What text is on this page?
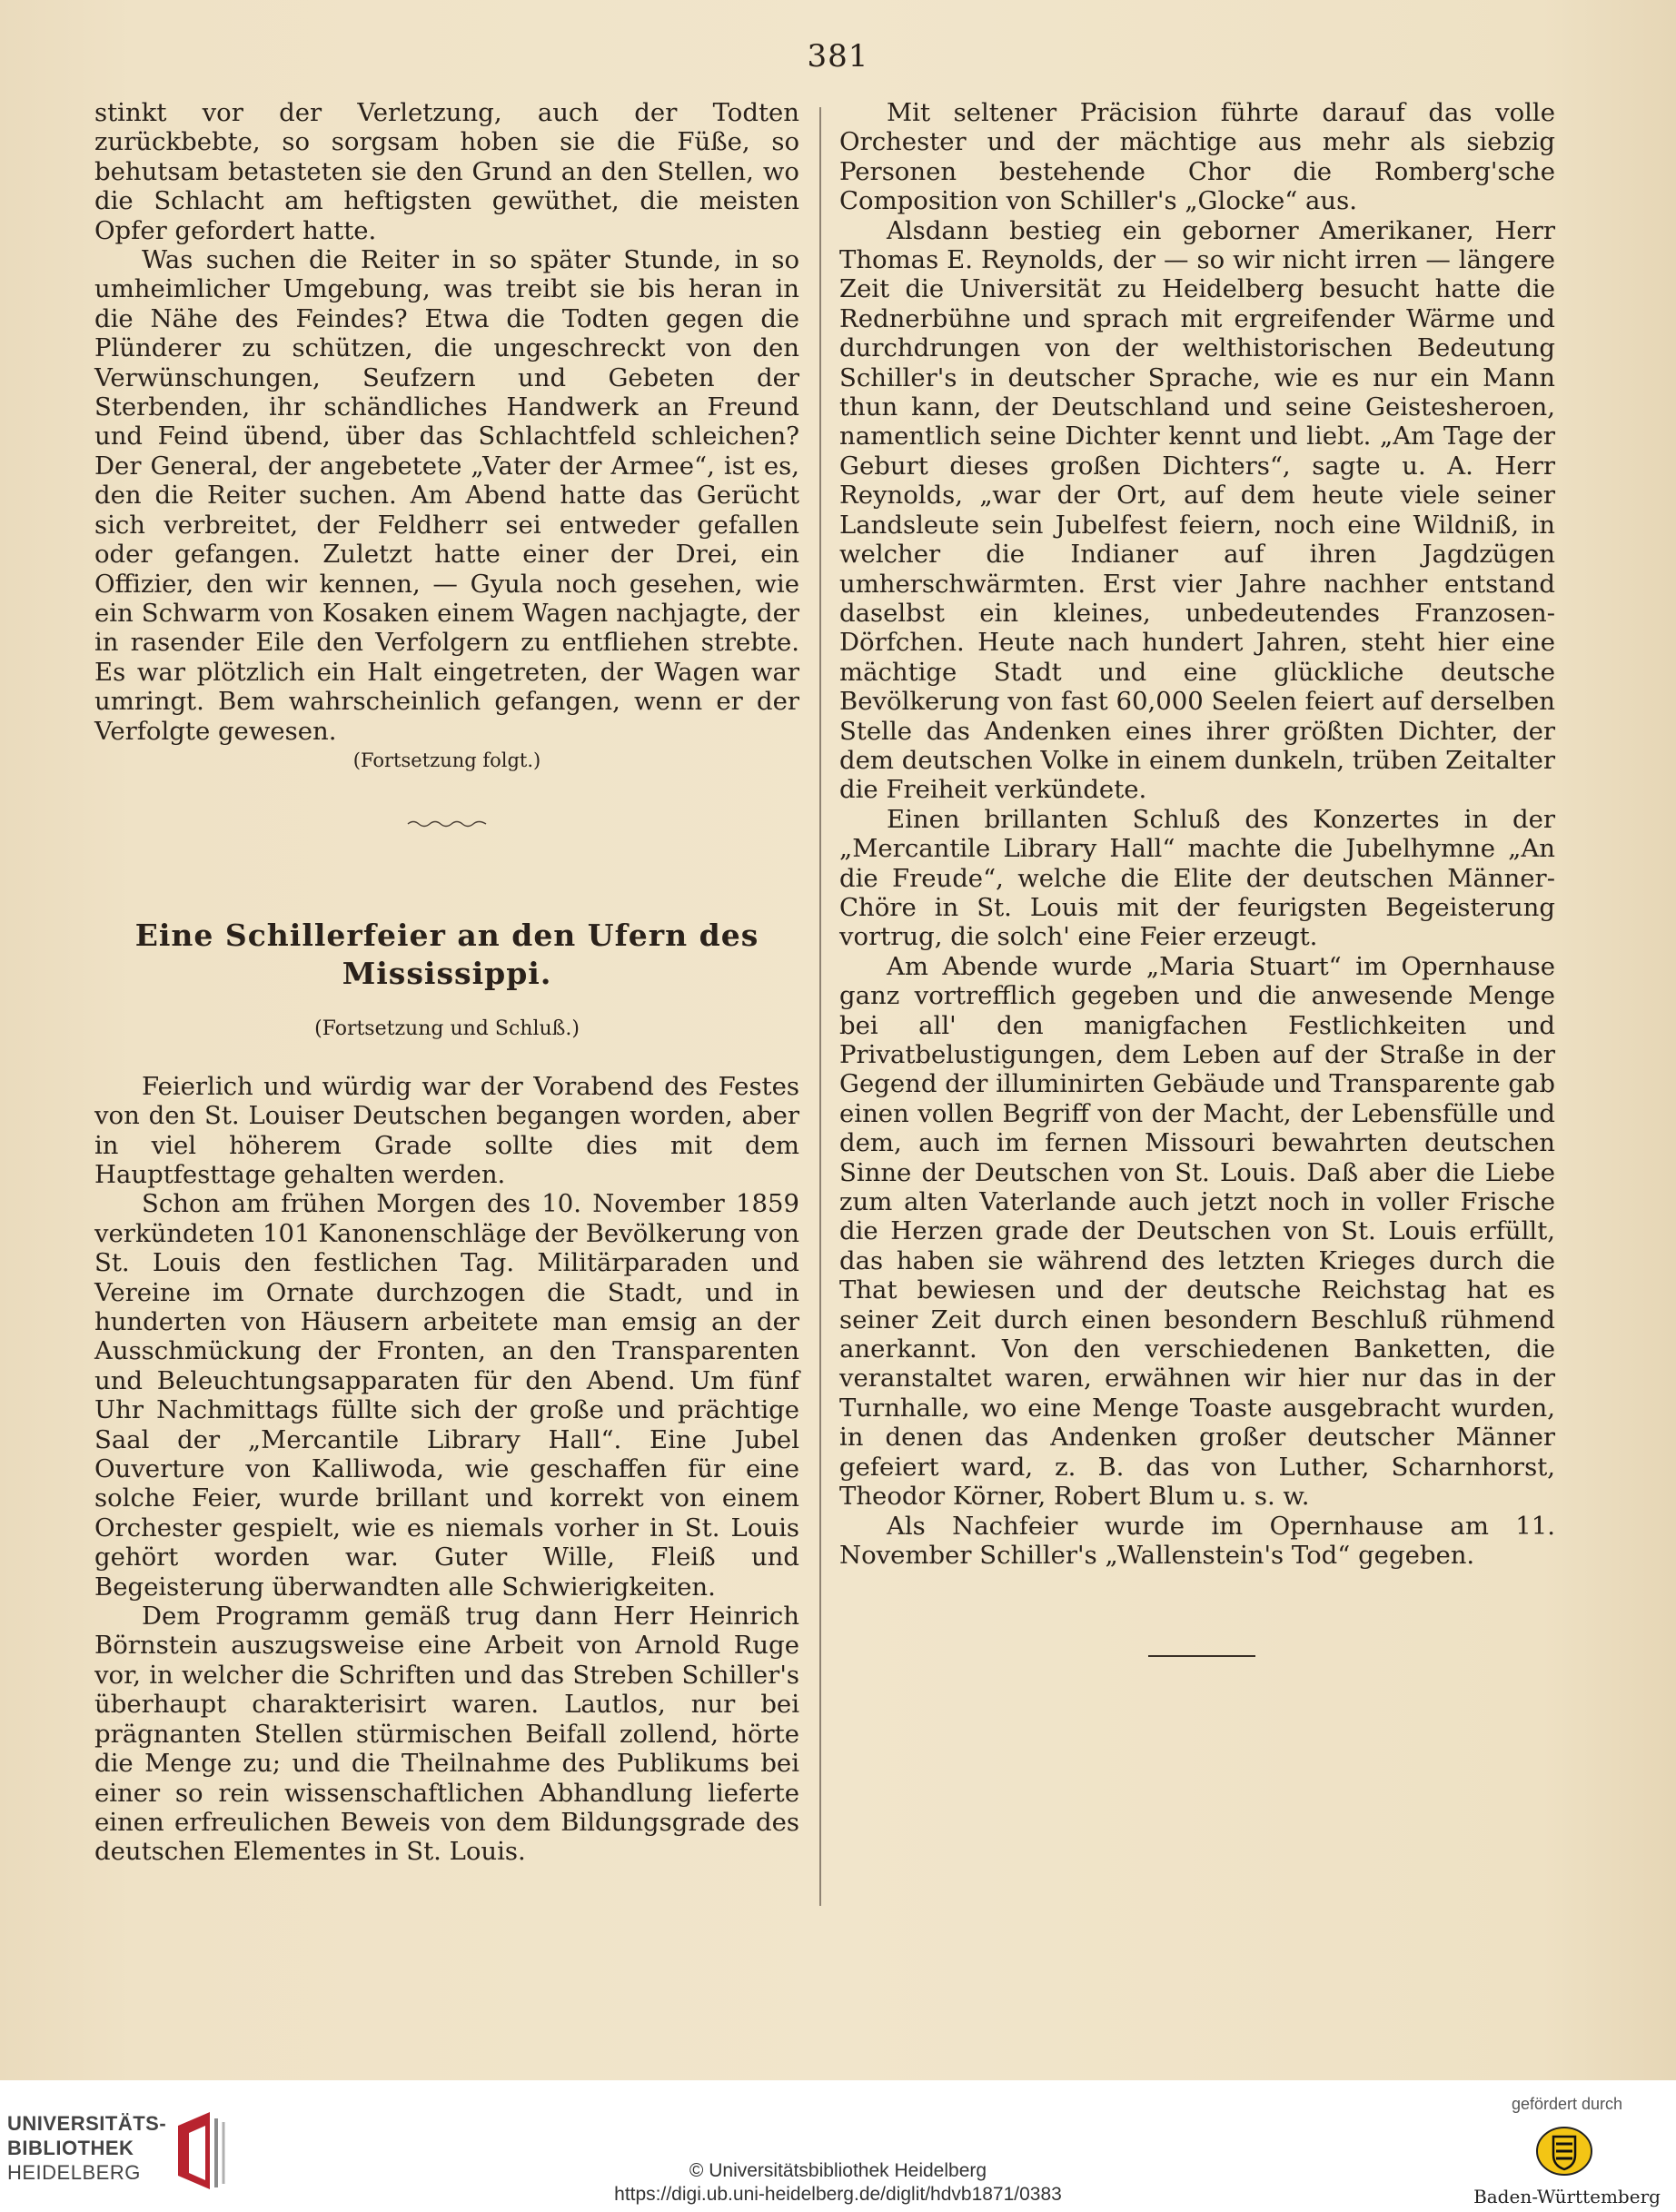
381

stinkt vor der Verletzung, auch der Todten zurückbebte, so sorgsam hoben sie die Füße, so behutsam betasteten sie den Grund an den Stellen, wo die Schlacht am heftigsten gewüthet, die meisten Opfer gefordert hatte.

Was suchen die Reiter in so später Stunde, in so umheimlicher Umgebung, was treibt sie bis heran in die Nähe des Feindes? Etwa die Todten gegen die Plünderer zu schützen, die ungeschreckt von den Verwünschungen, Seufzern und Gebeten der Sterbenden, ihr schändliches Handwerk an Freund und Feind übend, über das Schlachtfeld schleichen? Der General, der angebetete „Vater der Armee“, ist es, den die Reiter suchen. Am Abend hatte das Gerücht sich verbreitet, der Feldherr sei entweder gefallen oder gefangen. Zuletzt hatte einer der Drei, ein Offizier, den wir kennen, — Gyula noch gesehen, wie ein Schwarm von Kosaken einem Wagen nachjagte, der in rasender Eile den Verfolgern zu entfliehen strebte. Es war plötzlich ein Halt eingetreten, der Wagen war umringt. Bem wahrscheinlich gefangen, wenn er der Verfolgte gewesen.

(Fortsetzung folgt.)

Eine Schillerfeier an den Ufern des Mississippi.
(Fortsetzung und Schluß.)

Feierlich und würdig war der Vorabend des Festes von den St. Louiser Deutschen begangen worden, aber in viel höherem Grade sollte dies mit dem Hauptfesttage gehalten werden.

Schon am frühen Morgen des 10. November 1859 verkündeten 101 Kanonenschläge der Bevölkerung von St. Louis den festlichen Tag. Militärparaden und Vereine im Ornate durchzogen die Stadt, und in hunderten von Häusern arbeitete man emsig an der Ausschmückung der Fronten, an den Transparenten und Beleuchtungsapparaten für den Abend. Um fünf Uhr Nachmittags füllte sich der große und prächtige Saal der „Mercantile Library Hall“. Eine Jubel Ouverture von Kalliwoda, wie geschaffen für eine solche Feier, wurde brillant und korrekt von einem Orchester gespielt, wie es niemals vorher in St. Louis gehört worden war. Guter Wille, Fleiß und Begeisterung überwandten alle Schwierigkeiten.

Dem Programm gemäß trug dann Herr Heinrich Börnstein auszugsweise eine Arbeit von Arnold Ruge vor, in welcher die Schriften und das Streben Schiller's überhaupt charakterisirt waren. Lautlos, nur bei prägnanten Stellen stürmischen Beifall zollend, hörte die Menge zu; und die Theilnahme des Publikums bei einer so rein wissenschaftlichen Abhandlung lieferte einen erfreulichen Beweis von dem Bildungsgrade des deutschen Elementes in St. Louis.

Mit seltener Präcision führte darauf das volle Orchester und der mächtige aus mehr als siebzig Personen bestehende Chor die Romberg'sche Composition von Schiller's „Glocke“ aus.

Alsdann bestieg ein geborner Amerikaner, Herr Thomas E. Reynolds, der — so wir nicht irren — längere Zeit die Universität zu Heidelberg besucht hatte die Rednerbühne und sprach mit ergreifender Wärme und durchdrungen von der welthistorischen Bedeutung Schiller's in deutscher Sprache, wie es nur ein Mann thun kann, der Deutschland und seine Geistesheroen, namentlich seine Dichter kennt und liebt. „Am Tage der Geburt dieses großen Dichters“, sagte u. A. Herr Reynolds, „war der Ort, auf dem heute viele seiner Landsleute sein Jubelfest feiern, noch eine Wildniß, in welcher die Indianer auf ihren Jagdzügen umherschwärmten. Erst vier Jahre nachher entstand daselbst ein kleines, unbedeutendes Franzosen-Dörfchen. Heute nach hundert Jahren, steht hier eine mächtige Stadt und eine glückliche deutsche Bevölkerung von fast 60,000 Seelen feiert auf derselben Stelle das Andenken eines ihrer größten Dichter, der dem deutschen Volke in einem dunkeln, trüben Zeitalter die Freiheit verkündete.

Einen brillanten Schluß des Konzertes in der „Mercantile Library Hall“ machte die Jubelhymne „An die Freude“, welche die Elite der deutschen Männer-Chöre in St. Louis mit der feurigsten Begeisterung vortrug, die solch' eine Feier erzeugt.

Am Abende wurde „Maria Stuart“ im Opernhause ganz vortrefflich gegeben und die anwesende Menge bei all' den manigfachen Festlichkeiten und Privatbelustigungen, dem Leben auf der Straße in der Gegend der illuminirten Gebäude und Transparente gab einen vollen Begriff von der Macht, der Lebensfülle und dem, auch im fernen Missouri bewahrten deutschen Sinne der Deutschen von St. Louis. Daß aber die Liebe zum alten Vaterlande auch jetzt noch in voller Frische die Herzen grade der Deutschen von St. Louis erfüllt, das haben sie während des letzten Krieges durch die That bewiesen und der deutsche Reichstag hat es seiner Zeit durch einen besondern Beschluß rühmend anerkannt. Von den verschiedenen Banketten, die veranstaltet waren, erwähnen wir hier nur das in der Turnhalle, wo eine Menge Toaste ausgebracht wurden, in denen das Andenken großer deutscher Männer gefeiert ward, z. B. das von Luther, Scharnhorst, Theodor Körner, Robert Blum u. s. w.

Als Nachfeier wurde im Opernhause am 11. November Schiller's „Wallenstein's Tod“ gegeben.

UNIVERSITÄTS-
BIBLIOTHEK
HEIDELBERG	© Universitätsbibliothek Heidelberg
https://digi.ub.uni-heidelberg.de/diglit/hdvb1871/0383
gefördert durch
Baden-Württemberg
